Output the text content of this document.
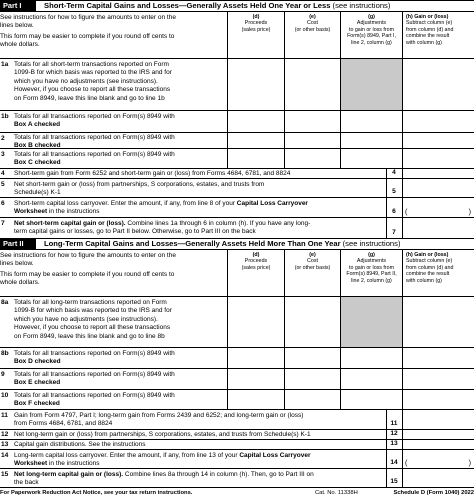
Part I	Short-Term Capital Gains and Losses—Generally Assets Held One Year or Less (see instructions)
See instructions for how to figure the amounts to enter on the
lines below.
This form may be easier to complete if you round off cents to
whole dollars.
(d)
Proceeds
(sales price)
(e)
Cost
(or other basis)
(g)
Adjustments
to gain or loss from
Form(s) 8949, Part I,
line 2, column (g)
(h) Gain or (loss)
Subtract column (e)
from column (d) and
combine the result
with column (g)
1a Totals for all short-term transactions reported on Form
1099-B for which basis was reported to the IRS and for
which you have no adjustments (see instructions).
However, if you choose to report all these transactions
on Form 8949, leave this line blank and go to line 1b
1b Totals for all transactions reported on Form(s) 8949 with
Box A checked
2	Totals for all transactions reported on Form(s) 8949 with
Box B checked
3	Totals for all transactions reported on Form(s) 8949 with
Box C checked
4	Short-term gain from Form 6252 and short-term gain or (loss) from Forms 4684, 6781, and 8824	4
5	Net short-term gain or (loss) from partnerships, S corporations, estates, and trusts from
Schedule(s) K-1	5
6	Short-term capital loss carryover. Enter the amount, if any, from line 8 of your Capital Loss Carryover
Worksheet in the instructions	6	(	)
7	Net short-term capital gain or (loss). Combine lines 1a through 6 in column (h). If you have any long-
term capital gains or losses, go to Part II below. Otherwise, go to Part III on the back	7
Part II	Long-Term Capital Gains and Losses—Generally Assets Held More Than One Year (see instructions)
See instructions for how to figure the amounts to enter on the
lines below.
This form may be easier to complete if you round off cents to
whole dollars.
(d)
Proceeds
(sales price)
(e)
Cost
(or other basis)
(g)
Adjustments
to gain or loss from
Form(s) 8949, Part II,
line 2, column (g)
(h) Gain or (loss)
Subtract column (e)
from column (d) and
combine the result
with column (g)
8a Totals for all long-term transactions reported on Form
1099-B for which basis was reported to the IRS and for
which you have no adjustments (see instructions).
However, if you choose to report all these transactions
on Form 8949, leave this line blank and go to line 8b
8b Totals for all transactions reported on Form(s) 8949 with
Box D checked
9	Totals for all transactions reported on Form(s) 8949 with
Box E checked
10 Totals for all transactions reported on Form(s) 8949 with
Box F checked
11 Gain from Form 4797, Part I; long-term gain from Forms 2439 and 6252; and long-term gain or (loss)
from Forms 4684, 6781, and 8824	11
12 Net long-term gain or (loss) from partnerships, S corporations, estates, and trusts from Schedule(s) K-1	12
13 Capital gain distributions. See the instructions	13
14 Long-term capital loss carryover. Enter the amount, if any, from line 13 of your Capital Loss Carryover
Worksheet in the instructions	14	(	)
15 Net long-term capital gain or (loss). Combine lines 8a through 14 in column (h). Then, go to Part III on
the back	15
For Paperwork Reduction Act Notice, see your tax return instructions.	Cat. No. 11338H	Schedule D (Form 1040) 2022
